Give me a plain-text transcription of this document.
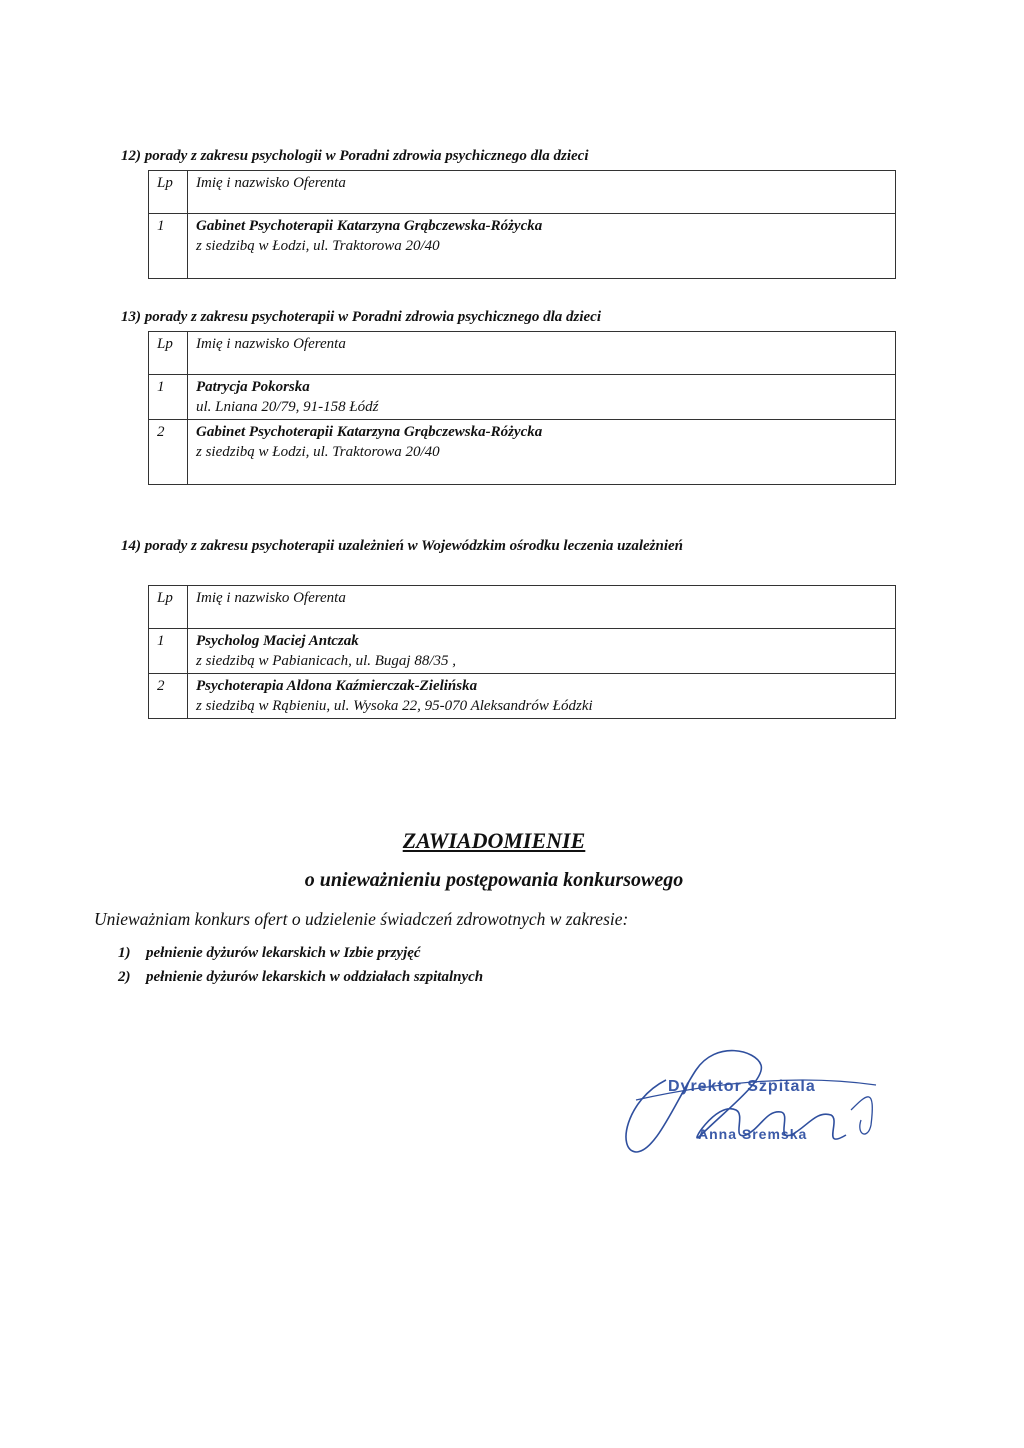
12) porady z zakresu psychologii w Poradni zdrowia psychicznego dla dzieci
Lp	Imię i nazwisko Oferenta
1	Gabinet Psychoterapii Katarzyna Grąbczewska-Różycka
z siedzibą w Łodzi, ul. Traktorowa 20/40
13) porady z zakresu psychoterapii w Poradni zdrowia psychicznego dla dzieci
Lp	Imię i nazwisko Oferenta
1	Patrycja Pokorska
ul. Lniana 20/79, 91-158 Łódź

2	Gabinet Psychoterapii Katarzyna Grąbczewska-Różycka
z siedzibą w Łodzi, ul. Traktorowa 20/40
14) porady z zakresu psychoterapii uzależnień w Wojewódzkim ośrodku leczenia uzależnień
Lp	Imię i nazwisko Oferenta
1	Psycholog Maciej Antczak
z siedzibą w Pabianicach, ul. Bugaj 88/35 ,

2	Psychoterapia Aldona Kaźmierczak-Zielińska
z siedzibą w Rąbieniu, ul. Wysoka 22, 95-070 Aleksandrów Łódzki
ZAWIADOMIENIE
o unieważnieniu postępowania konkursowego
Unieważniam konkurs ofert o udzielenie świadczeń zdrowotnych w zakresie:
1) pełnienie dyżurów lekarskich w Izbie przyjęć
2) pełnienie dyżurów lekarskich w oddziałach szpitalnych
Dyrektor Szpitala
Anna Sremska
